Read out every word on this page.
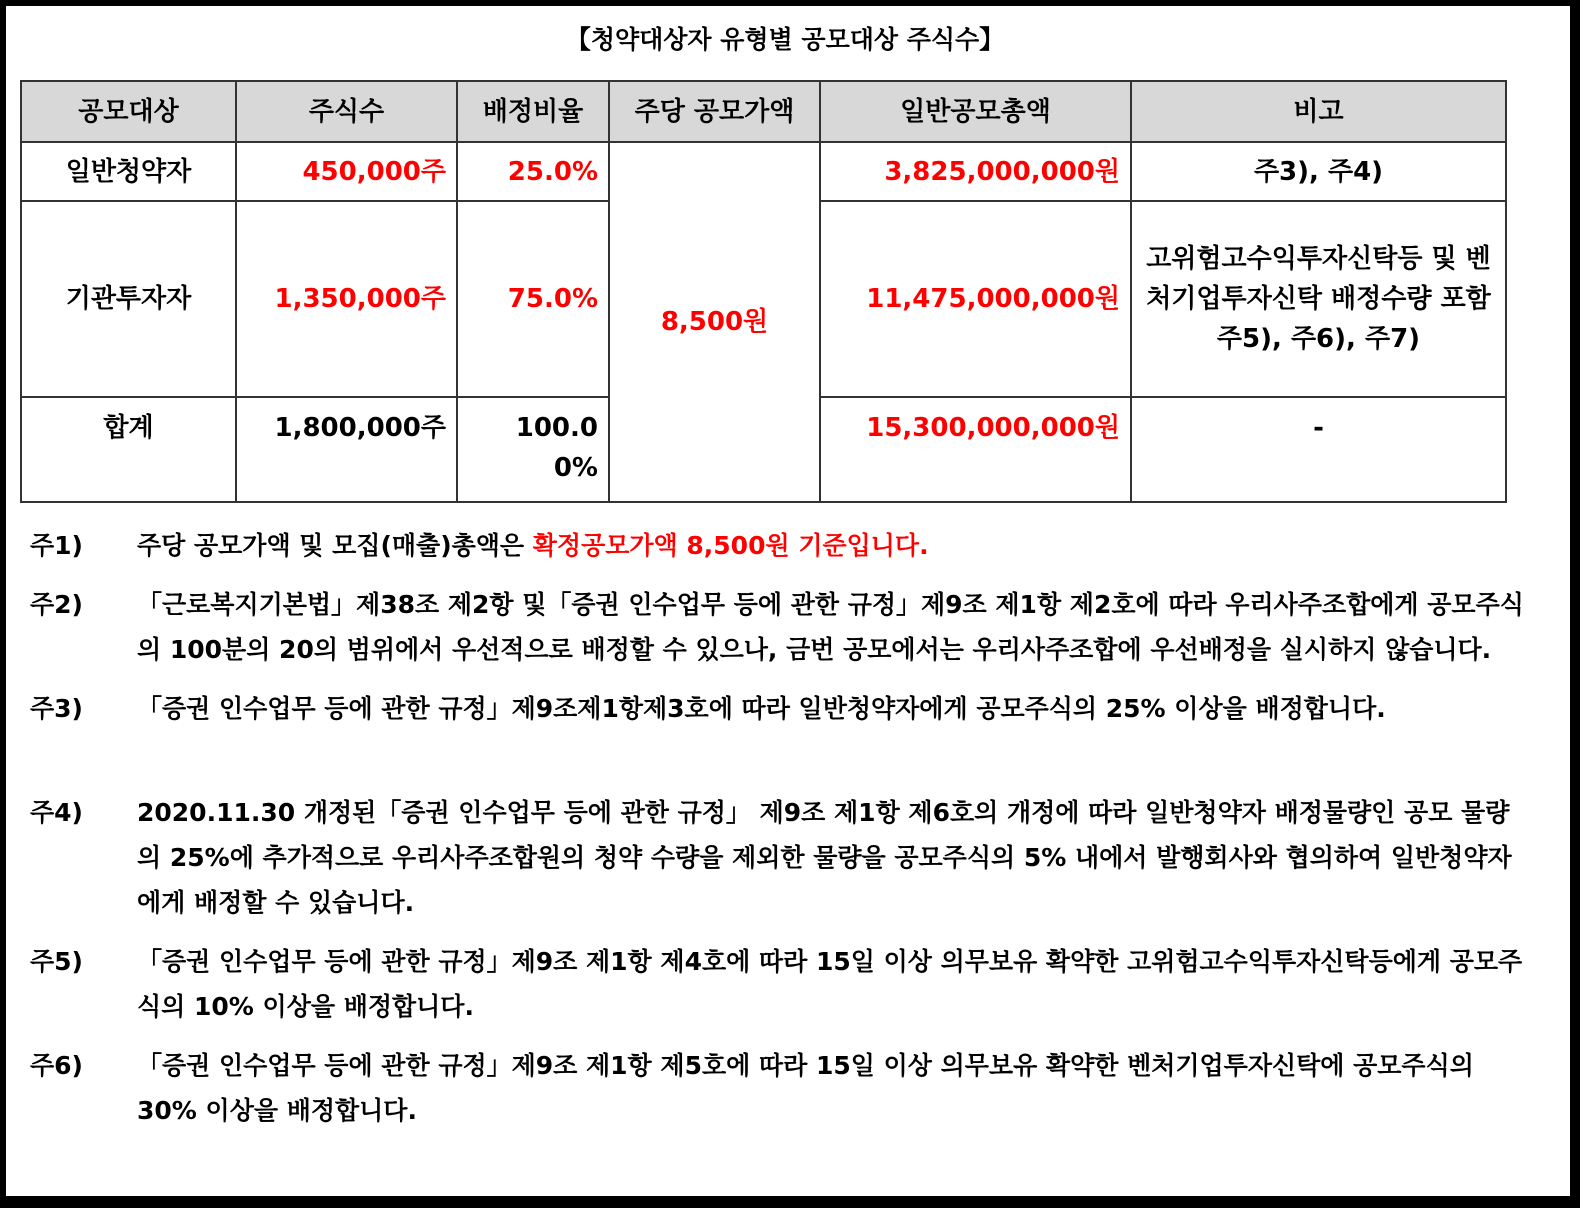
【청약대상자 유형별 공모대상 주식수】
공모대상	주식수	배정비율	주당 공모가액	일반공모총액	비고
일반청약자	450,000주	25.0%	8,500원	3,825,000,000원	주3), 주4)
기관투자자	1,350,000주	75.0%		11,475,000,000원	고위험고수익투자신탁등 및 벤처기업투자신탁 배정수량 포함 주5), 주6), 주7)
합계	1,800,000주	100.0 0%		15,300,000,000원	-
주1)	주당 공모가액 및 모집(매출)총액은 확정공모가액 8,500원 기준입니다.
주2)	「근로복지기본법」제38조 제2항 및「증권 인수업무 등에 관한 규정」제9조 제1항 제2호에 따라 우리사주조합에게 공모주식의 100분의 20의 범위에서 우선적으로 배정할 수 있으나, 금번 공모에서는 우리사주조합에 우선배정을 실시하지 않습니다.
주3)	「증권 인수업무 등에 관한 규정」제9조제1항제3호에 따라 일반청약자에게 공모주식의 25% 이상을 배정합니다.
주4)	2020.11.30 개정된「증권 인수업무 등에 관한 규정」 제9조 제1항 제6호의 개정에 따라 일반청약자 배정물량인 공모 물량의 25%에 추가적으로 우리사주조합원의 청약 수량을 제외한 물량을 공모주식의 5% 내에서 발행회사와 협의하여 일반청약자에게 배정할 수 있습니다.
주5)	「증권 인수업무 등에 관한 규정」제9조 제1항 제4호에 따라 15일 이상 의무보유 확약한 고위험고수익투자신탁등에게 공모주식의 10% 이상을 배정합니다.
주6)	「증권 인수업무 등에 관한 규정」제9조 제1항 제5호에 따라 15일 이상 의무보유 확약한 벤처기업투자신탁에 공모주식의 30% 이상을 배정합니다.
